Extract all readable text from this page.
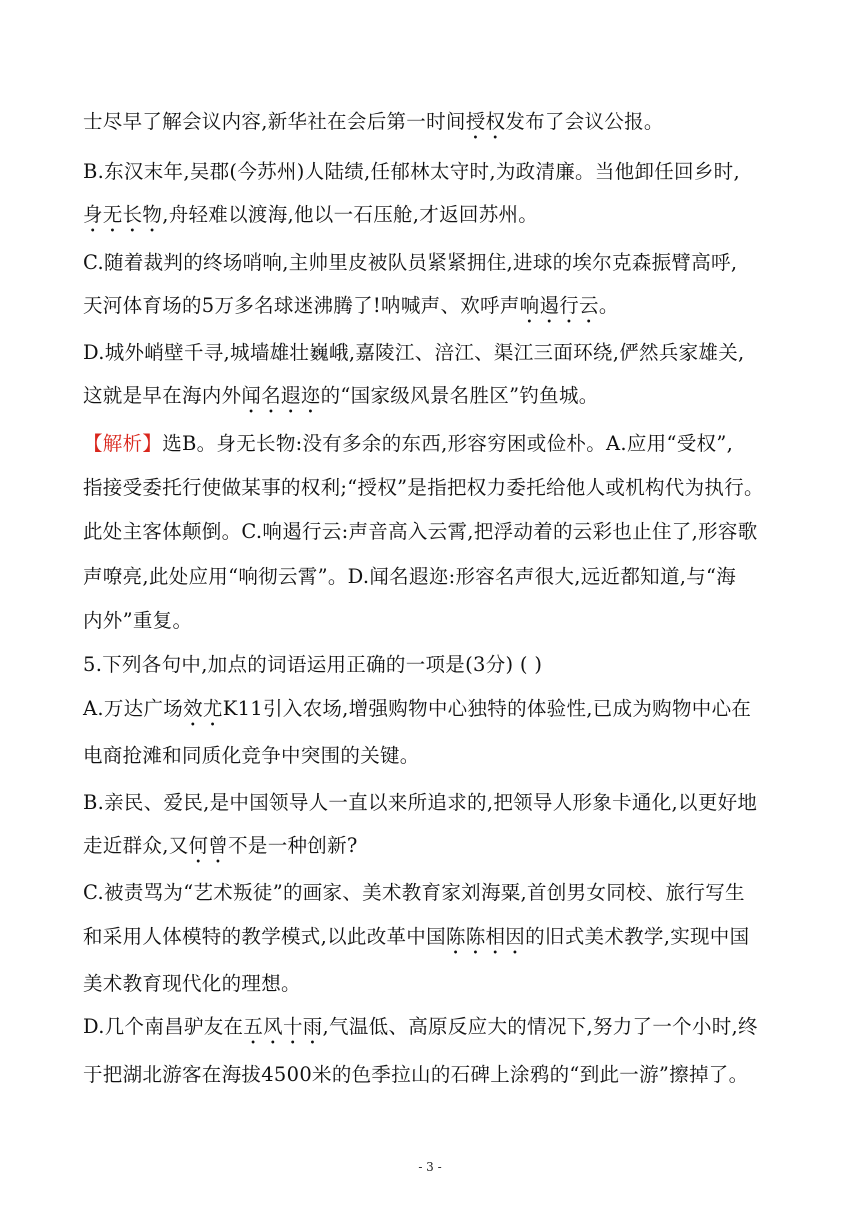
士尽早了解会议内容,新华社在会后第一时间授权发布了会议公报。
B.东汉末年,吴郡(今苏州)人陆绩,任郁林太守时,为政清廉。当他卸任回乡时,
身无长物,舟轻难以渡海,他以一石压舱,才返回苏州。
C.随着裁判的终场哨响,主帅里皮被队员紧紧拥住,进球的埃尔克森振臂高呼,
天河体育场的5万多名球迷沸腾了!呐喊声、欢呼声响遏行云。
D.城外峭壁千寻,城墙雄壮巍峨,嘉陵江、涪江、渠江三面环绕,俨然兵家雄关,
这就是早在海内外闻名遐迩的“国家级风景名胜区”钓鱼城。
【解析】选B。身无长物:没有多余的东西,形容穷困或俭朴。A.应用“受权”,
指接受委托行使做某事的权利;“授权”是指把权力委托给他人或机构代为执行。
此处主客体颠倒。C.响遏行云:声音高入云霄,把浮动着的云彩也止住了,形容歌
声嘹亮,此处应用“响彻云霄”。D.闻名遐迩:形容名声很大,远近都知道,与“海
内外”重复。
5.下列各句中,加点的词语运用正确的一项是(3分) ( )
A.万达广场效尤K11引入农场,增强购物中心独特的体验性,已成为购物中心在
电商抢滩和同质化竞争中突围的关键。
B.亲民、爱民,是中国领导人一直以来所追求的,把领导人形象卡通化,以更好地
走近群众,又何曾不是一种创新?
C.被责骂为“艺术叛徒”的画家、美术教育家刘海粟,首创男女同校、旅行写生
和采用人体模特的教学模式,以此改革中国陈陈相因的旧式美术教学,实现中国
美术教育现代化的理想。
D.几个南昌驴友在五风十雨,气温低、高原反应大的情况下,努力了一个小时,终
于把湖北游客在海拔4500米的色季拉山的石碑上涂鸦的“到此一游”擦掉了。
- 3 -
